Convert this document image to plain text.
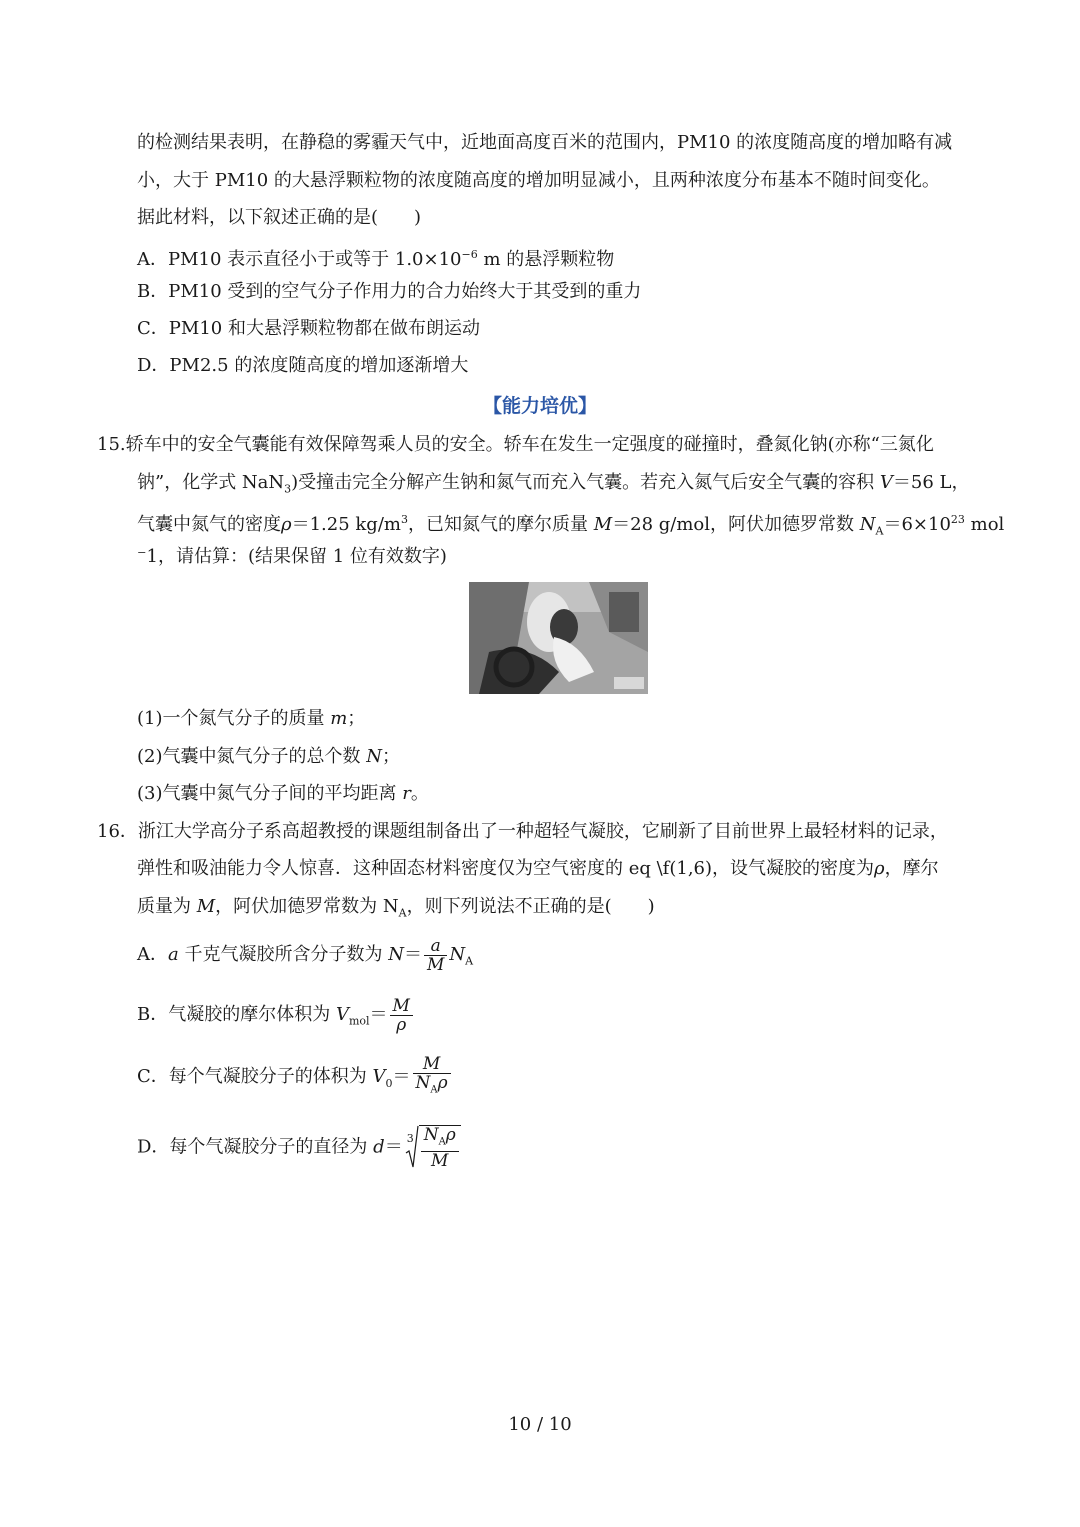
的检测结果表明，在静稳的雾霾天气中，近地面高度百米的范围内，PM10 的浓度随高度的增加略有减
小，大于 PM10 的大悬浮颗粒物的浓度随高度的增加明显减小，且两种浓度分布基本不随时间变化。
据此材料，以下叙述正确的是(　　)
A．PM10 表示直径小于或等于 $1.0\times 10^{-6}$ m 的悬浮颗粒物
B．PM10 受到的空气分子作用力的合力始终大于其受到的重力
C．PM10 和大悬浮颗粒物都在做布朗运动
D．PM2.5 的浓度随高度的增加逐渐增大
【能力培优】
15.轿车中的安全气囊能有效保障驾乘人员的安全。轿车在发生一定强度的碰撞时，叠氮化钠(亦称“三氮化
钠”，化学式 NaN$_3$)受撞击完全分解产生钠和氮气而充入气囊。若充入氮气后安全气囊的容积 V＝56 L，
气囊中氮气的密度ρ＝1.25 $kg/m^3$，已知氮气的摩尔质量 M＝28 g/mol，阿伏加德罗常数 $N_A=6\times 10^{23}$ mol
⁻1，请估算：(结果保留 1 位有效数字)
(1)一个氮气分子的质量 m；
(2)气囊中氮气分子的总个数 N；
(3)气囊中氮气分子间的平均距离 r。
16．浙江大学高分子系高超教授的课题组制备出了一种超轻气凝胶，它刷新了目前世界上最轻材料的记录，
弹性和吸油能力令人惊喜．这种固态材料密度仅为空气密度的 eq \f(1,6)，设气凝胶的密度为ρ，摩尔
质量为 M，阿伏加德罗常数为 $N_A$，则下列说法不正确的是(　　)
A．a 千克气凝胶所含分子数为 $N= \frac{a}{M} N_A$
B．气凝胶的摩尔体积为 $V_{mol}= \frac{M}{\rho}$
C．每个气凝胶分子的体积为 $V_0= \frac{M}{N_A\rho}$
D．每个气凝胶分子的直径为 $d= 3 \frac{N_A\rho}{M}$
10 / 10
